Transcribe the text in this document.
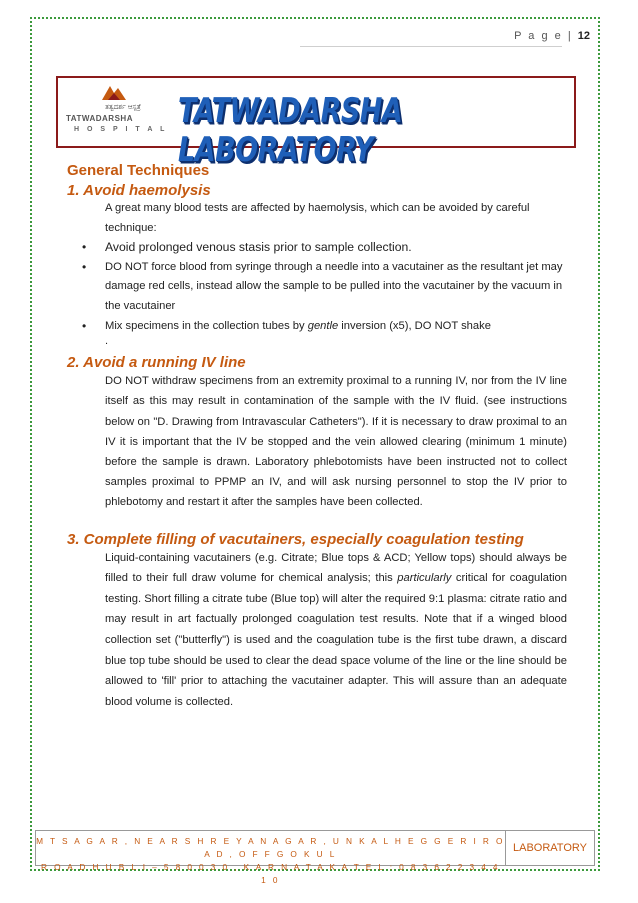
P a g e | 12
ತತ್ವದರ್ಶ ಆಸ್ಪತ್ರೆ
TATWADARSHA
H O S P I T A L TATWADARSHA LABORATORY
General Techniques
1. Avoid haemolysis
A great many blood tests are affected by haemolysis, which can be avoided by careful technique:
• Avoid prolonged venous stasis prior to sample collection.
• DO NOT force blood from syringe through a needle into a vacutainer as the resultant jet may damage red cells, instead allow the sample to be pulled into the vacutainer by the vacuum in the vacutainer
• Mix specimens in the collection tubes by gentle inversion (x5), DO NOT shake
.
2. Avoid a running IV line
DO NOT withdraw specimens from an extremity proximal to a running IV, nor from the IV line itself as this may result in contamination of the sample with the IV fluid. (see instructions below on "D. Drawing from Intravascular Catheters"). If it is necessary to draw proximal to an IV it is important that the IV be stopped and the vein allowed clearing (minimum 1 minute) before the sample is drawn. Laboratory phlebotomists have been instructed not to collect samples proximal to PPMP an IV, and will ask nursing personnel to stop the IV prior to phlebotomy and restart it after the samples have been collected.
3. Complete filling of vacutainers, especially coagulation testing
Liquid-containing vacutainers (e.g. Citrate; Blue tops & ACD; Yellow tops) should always be filled to their full draw volume for chemical analysis; this particularly critical for coagulation testing. Short filling a citrate tube (Blue top) will alter the required 9:1 plasma: citrate ratio and may result in art factually prolonged coagulation test results. Note that if a winged blood collection set ("butterfly") is used and the coagulation tube is the first tube drawn, a discard blue top tube should be used to clear the dead space volume of the line or the line should be allowed to 'fill' prior to attaching the vacutainer adapter. This will assure than an adequate blood volume is collected.
M T S A G A R , N E A R S H R E Y A N A G A R , U N K A L H E G G E R I R O A D , O F F G O K U L
R O A D H U B L I – 5 8 0 0 3 0 , K A R N A T A K A T E L : 0 8 3 6 2 2 3 4 4 1 0
LABORATORY
